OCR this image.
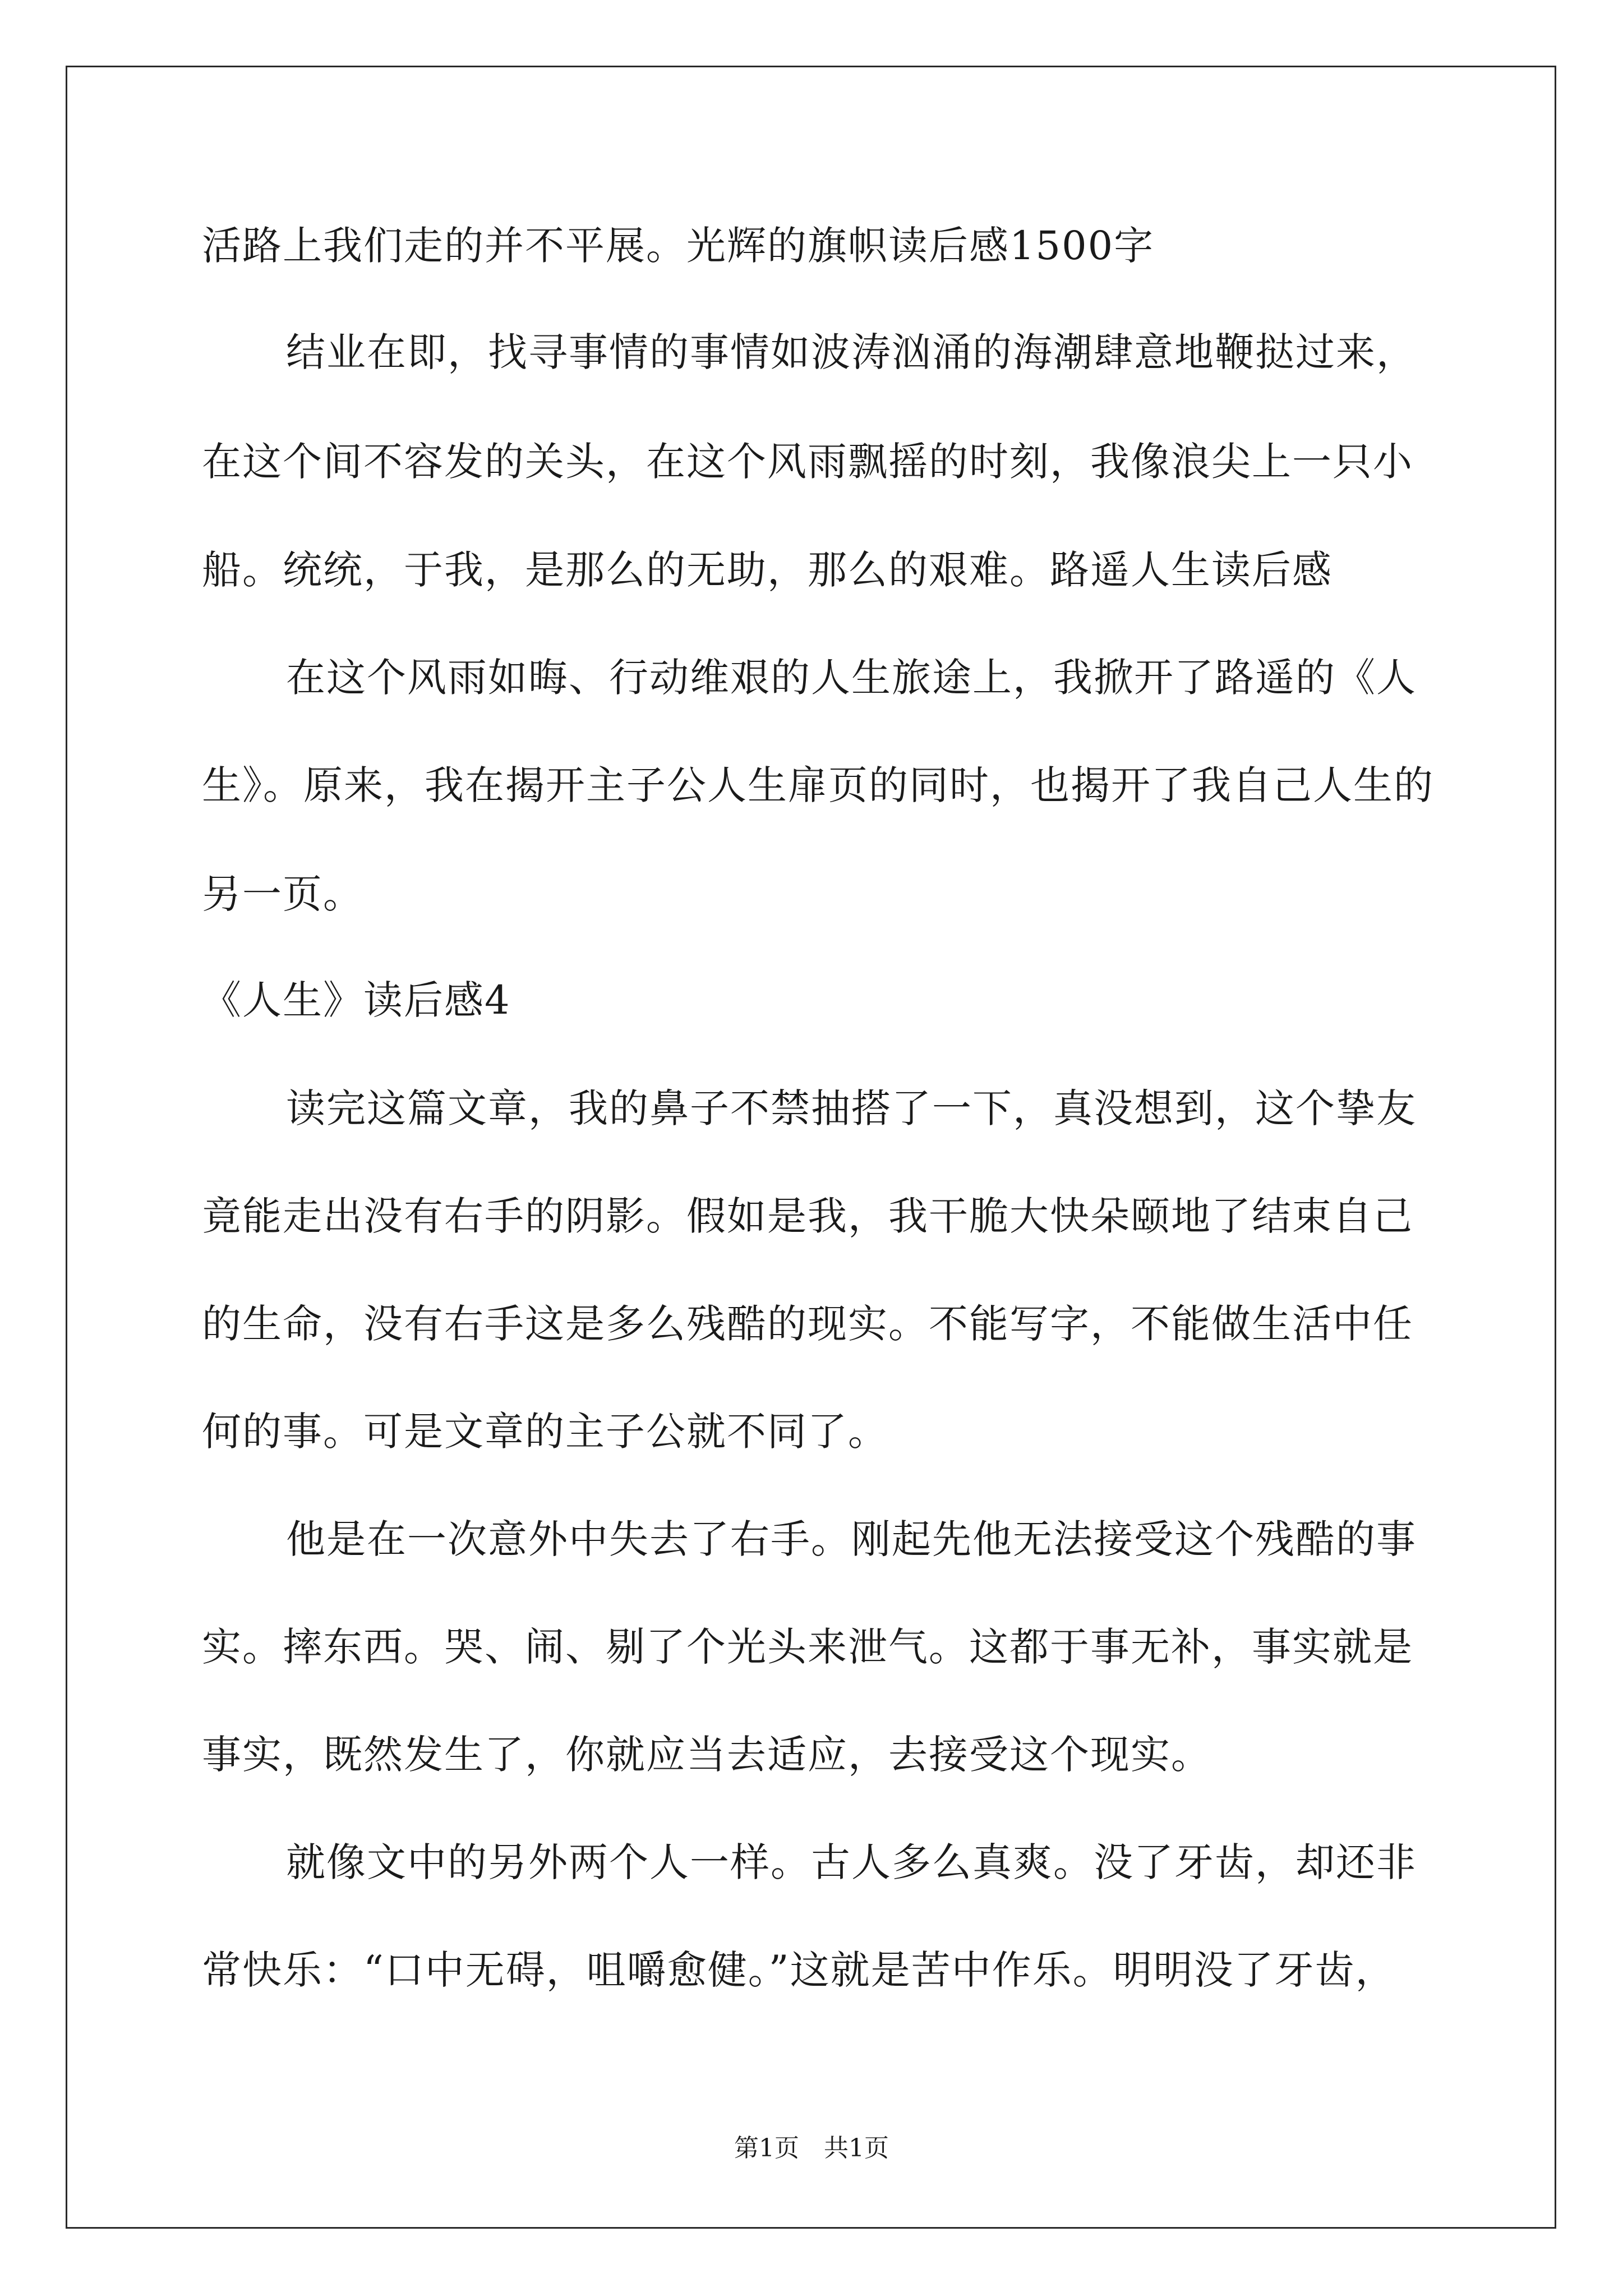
活路上我们走的并不平展。光辉的旗帜读后感1500字
结业在即，找寻事情的事情如波涛汹涌的海潮肆意地鞭挞过来，
在这个间不容发的关头，在这个风雨飘摇的时刻，我像浪尖上一只小
船。统统，于我，是那么的无助，那么的艰难。路遥人生读后感
在这个风雨如晦、行动维艰的人生旅途上，我掀开了路遥的《人
生》。原来，我在揭开主子公人生扉页的同时，也揭开了我自己人生的
另一页。
《人生》读后感4
读完这篇文章，我的鼻子不禁抽搭了一下，真没想到，这个挚友
竟能走出没有右手的阴影。假如是我，我干脆大快朵颐地了结束自己
的生命，没有右手这是多么残酷的现实。不能写字，不能做生活中任
何的事。可是文章的主子公就不同了。
他是在一次意外中失去了右手。刚起先他无法接受这个残酷的事
实。摔东西。哭、闹、剔了个光头来泄气。这都于事无补，事实就是
事实，既然发生了，你就应当去适应，去接受这个现实。
就像文中的另外两个人一样。古人多么真爽。没了牙齿，却还非
常快乐：“口中无碍，咀嚼愈健。”这就是苦中作乐。明明没了牙齿，
第1页 共1页
